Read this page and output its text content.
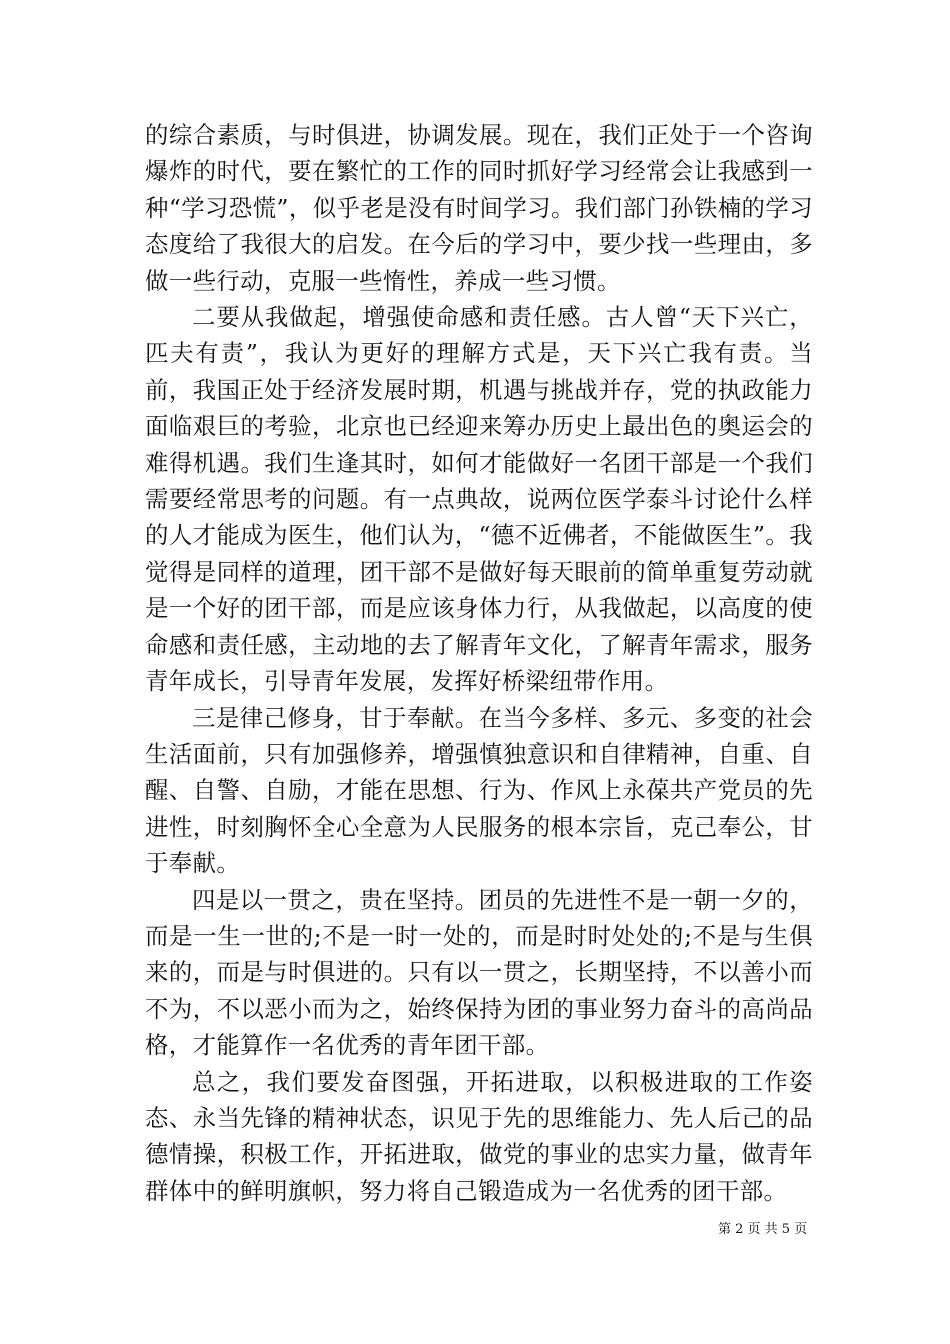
的综合素质，与时俱进，协调发展。现在，我们正处于一个咨询爆炸的时代，要在繁忙的工作的同时抓好学习经常会让我感到一种“学习恐慌”，似乎老是没有时间学习。我们部门孙铁楠的学习态度给了我很大的启发。在今后的学习中，要少找一些理由，多做一些行动，克服一些惰性，养成一些习惯。

二要从我做起，增强使命感和责任感。古人曾“天下兴亡，匹夫有责”，我认为更好的理解方式是，天下兴亡我有责。当前，我国正处于经济发展时期，机遇与挑战并存，党的执政能力面临艰巨的考验，北京也已经迎来筹办历史上最出色的奥运会的难得机遇。我们生逢其时，如何才能做好一名团干部是一个我们需要经常思考的问题。有一点典故，说两位医学泰斗讨论什么样的人才能成为医生，他们认为，“德不近佛者，不能做医生”。我觉得是同样的道理，团干部不是做好每天眼前的简单重复劳动就是一个好的团干部，而是应该身体力行，从我做起，以高度的使命感和责任感，主动地的去了解青年文化，了解青年需求，服务青年成长，引导青年发展，发挥好桥梁纽带作用。

三是律己修身，甘于奉献。在当今多样、多元、多变的社会生活面前，只有加强修养，增强慎独意识和自律精神，自重、自醒、自警、自励，才能在思想、行为、作风上永葆共产党员的先进性，时刻胸怀全心全意为人民服务的根本宗旨，克己奉公，甘于奉献。

四是以一贯之，贵在坚持。团员的先进性不是一朝一夕的，而是一生一世的;不是一时一处的，而是时时处处的;不是与生俱来的，而是与时俱进的。只有以一贯之，长期坚持，不以善小而不为，不以恶小而为之，始终保持为团的事业努力奋斗的高尚品格，才能算作一名优秀的青年团干部。

总之，我们要发奋图强，开拓进取，以积极进取的工作姿态、永当先锋的精神状态，识见于先的思维能力、先人后己的品德情操，积极工作，开拓进取，做党的事业的忠实力量，做青年群体中的鲜明旗帜，努力将自己锻造成为一名优秀的团干部。

第 2 页 共 5 页
